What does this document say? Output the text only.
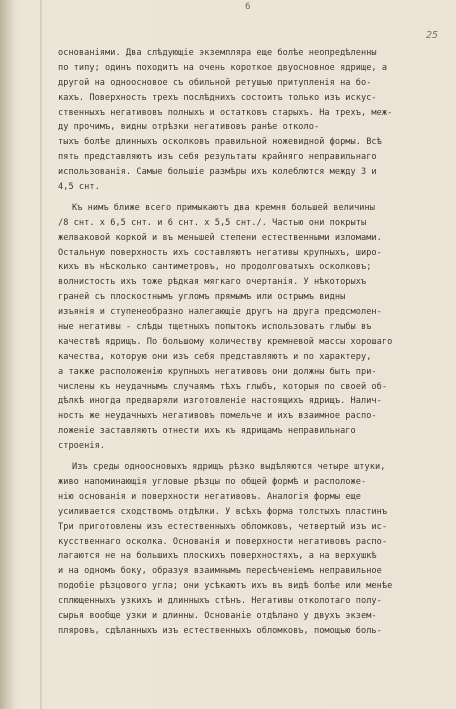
6
25
основаніями. Два слѣдующіе экземпляра еще болѣе неопредѣленны
по типу; одинъ походитъ на очень короткое двуосновное ядрище, а
другой на одноосновое съ обильной ретушью притупленія на бо-
кахъ. Поверхность трехъ послѣднихъ состоитъ только изъ искус-
ственныхъ негативовъ полныхъ и остатковъ старыхъ. На трехъ, меж-
ду прочимъ, видны отрѣзки негативовъ ранѣе отколо-
тыхъ болѣе длинныхъ осколковъ правильной ножевидной формы. Всѣ
пять представляютъ изъ себя результаты крайняго неправильнаго
использованія. Самые большіе размѣры ихъ колеблются между 3 и
4,5 снт.
Къ нимъ ближе всего примыкаютъ два кремня большей величины
/8 снт. х 6,5 снт. и 6 снт. х 5,5 снт./. Частью они покрыты
желваковой коркой и въ меньшей степени естественными изломами.
Остальную поверхность ихъ составляютъ негативы крупныхъ, широ-
кихъ въ нѣсколько сантиметровъ, но продолговатыхъ осколковъ;
волнистость ихъ тоже рѣдкая мягкаго очертанія. У нѣкоторыхъ
граней съ плоскостнымъ угломъ прямымъ или острымъ видны
изъянія и ступенеобразно налегающіе другъ на друга предсмолен-
ные негативы - слѣды тщетныхъ попытокъ использовать глыбы въ
качествѣ ядрищъ. По большому количеству кремневой массы хорошаго
качества, которую они изъ себя представляютъ и по характеру,
а также расположенію крупныхъ негативовъ они должны быть при-
числены къ неудачнымъ случаямъ тѣхъ глыбъ, которыя по своей об-
дѣлкѣ иногда предваряли изготовленіе настоящихъ ядрищъ. Налич-
ность же неудачныхъ негативовъ помельче и ихъ взаимное распо-
ложеніе заставляютъ отнести ихъ къ ядрищамъ неправильнаго
строенія.
Изъ среды одноосновыхъ ядрищъ рѣзко выдѣляются четыре штуки,
живо напоминающія угловые рѣзцы по общей формѣ и расположе-
нію основанія и поверхности негативовъ. Аналогія формы еще
усиливается сходствомъ отдѣлки. У всѣхъ форма толстыхъ пластинъ
Три приготовлены изъ естественныхъ обломковъ, четвертый изъ ис-
кусственнаго осколка. Основанія и поверхности негативовъ распо-
лагаются не на большихъ плоскихъ поверхностяхъ, а на верхушкѣ
и на одномъ боку, образуя взаимнымъ пересѣченіемъ неправильное
подобіе рѣзцового угла; они усѣкаютъ ихъ въ видѣ болѣе или менѣе
сплющенныхъ узкихъ и длинныхъ стѣнъ. Негативы отколотаго полу-
сырья вообще узки и длинны. Основаніе отдѣлано у двухъ экзем-
пляровъ, сдѣланныхъ изъ естественныхъ обломковъ, помощью боль-
